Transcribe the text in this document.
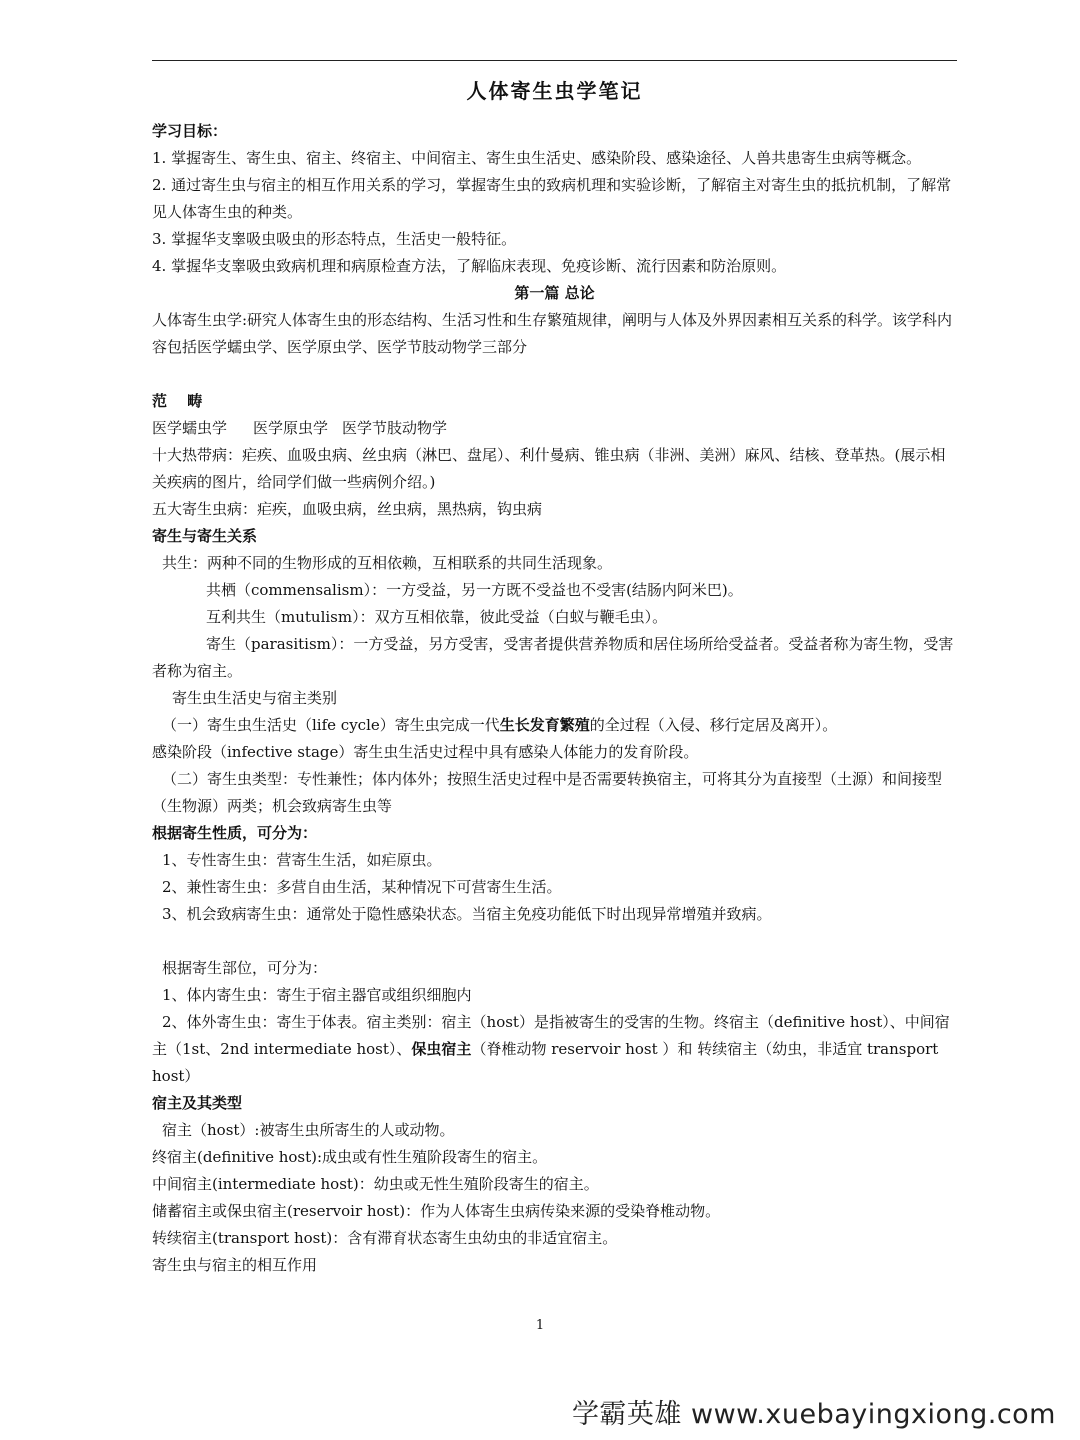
人体寄生虫学笔记

学习目标：

1. 掌握寄生、寄生虫、宿主、终宿主、中间宿主、寄生虫生活史、感染阶段、感染途径、人兽共患寄生虫病等概念。

2. 通过寄生虫与宿主的相互作用关系的学习，掌握寄生虫的致病机理和实验诊断，了解宿主对寄生虫的抵抗机制，了解常见人体寄生虫的种类。

3. 掌握华支睾吸虫吸虫的形态特点，生活史一般特征。

4. 掌握华支睾吸虫致病机理和病原检查方法，了解临床表现、免疫诊断、流行因素和防治原则。

第一篇 总论

人体寄生虫学:研究人体寄生虫的形态结构、生活习性和生存繁殖规律，阐明与人体及外界因素相互关系的科学。该学科内容包括医学蠕虫学、医学原虫学、医学节肢动物学三部分

范　 畴

医学蠕虫学 医学原虫学 医学节肢动物学

十大热带病：疟疾、血吸虫病、丝虫病（淋巴、盘尾）、利什曼病、锥虫病（非洲、美洲）麻风、结核、登革热。(展示相关疾病的图片，给同学们做一些病例介绍。)

五大寄生虫病：疟疾，血吸虫病，丝虫病，黑热病，钩虫病

寄生与寄生关系

共生：两种不同的生物形成的互相依赖，互相联系的共同生活现象。

共栖（commensalism）：一方受益，另一方既不受益也不受害(结肠内阿米巴)。

互利共生（mutulism）：双方互相依靠，彼此受益（白蚁与鞭毛虫）。

寄生（parasitism）：一方受益，另方受害，受害者提供营养物质和居住场所给受益者。受益者称为寄生物，受害者称为宿主。

寄生虫生活史与宿主类别

（一）寄生虫生活史（life cycle）寄生虫完成一代生长发育繁殖的全过程（入侵、移行定居及离开）。

感染阶段（infective stage）寄生虫生活史过程中具有感染人体能力的发育阶段。

（二）寄生虫类型：专性兼性；体内体外；按照生活史过程中是否需要转换宿主，可将其分为直接型（土源）和间接型（生物源）两类；机会致病寄生虫等

根据寄生性质，可分为：

1、专性寄生虫：营寄生生活，如疟原虫。

2、兼性寄生虫：多营自由生活，某种情况下可营寄生生活。

3、机会致病寄生虫：通常处于隐性感染状态。当宿主免疫功能低下时出现异常增殖并致病。

根据寄生部位，可分为：

1、体内寄生虫：寄生于宿主器官或组织细胞内

2、体外寄生虫：寄生于体表。宿主类别：宿主（host）是指被寄生的受害的生物。终宿主（definitive host）、中间宿主（1st、2nd intermediate host）、保虫宿主（脊椎动物 reservoir host ）和 转续宿主（幼虫，非适宜 transport host）

宿主及其类型

宿主（host）:被寄生虫所寄生的人或动物。

终宿主(definitive host):成虫或有性生殖阶段寄生的宿主。

中间宿主(intermediate host)：幼虫或无性生殖阶段寄生的宿主。

储蓄宿主或保虫宿主(reservoir host)：作为人体寄生虫病传染来源的受染脊椎动物。

转续宿主(transport host)：含有滞育状态寄生虫幼虫的非适宜宿主。

寄生虫与宿主的相互作用

1
学霸英雄 www.xuebayingxiong.com
